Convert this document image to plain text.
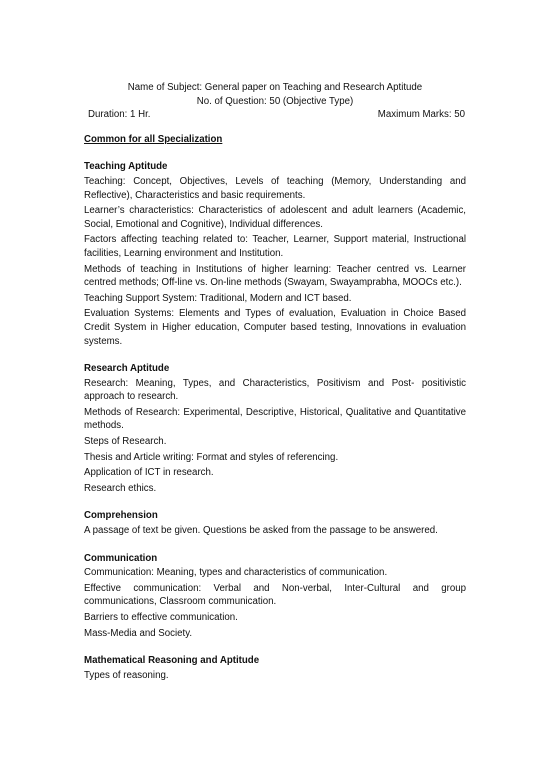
Name of Subject: General paper on Teaching and Research Aptitude
No. of Question: 50 (Objective Type)
Duration: 1 Hr.	Maximum Marks: 50
Common for all Specialization
Teaching Aptitude

Teaching: Concept, Objectives, Levels of teaching (Memory, Understanding and Reflective), Characteristics and basic requirements.

Learner’s characteristics: Characteristics of adolescent and adult learners (Academic, Social, Emotional and Cognitive), Individual differences.

Factors affecting teaching related to: Teacher, Learner, Support material, Instructional facilities, Learning environment and Institution.

Methods of teaching in Institutions of higher learning: Teacher centred vs. Learner centred methods; Off-line vs. On-line methods (Swayam, Swayamprabha, MOOCs etc.).

Teaching Support System: Traditional, Modern and ICT based.

Evaluation Systems: Elements and Types of evaluation, Evaluation in Choice Based Credit System in Higher education, Computer based testing, Innovations in evaluation systems.

Research Aptitude

Research: Meaning, Types, and Characteristics, Positivism and Post- positivistic approach to research.

Methods of Research: Experimental, Descriptive, Historical, Qualitative and Quantitative methods.

Steps of Research.

Thesis and Article writing: Format and styles of referencing.

Application of ICT in research.

Research ethics.

Comprehension

A passage of text be given. Questions be asked from the passage to be answered.

Communication

Communication: Meaning, types and characteristics of communication.

Effective communication: Verbal and Non-verbal, Inter-Cultural and group communications, Classroom communication.

Barriers to effective communication.

Mass-Media and Society.

Mathematical Reasoning and Aptitude

Types of reasoning.
